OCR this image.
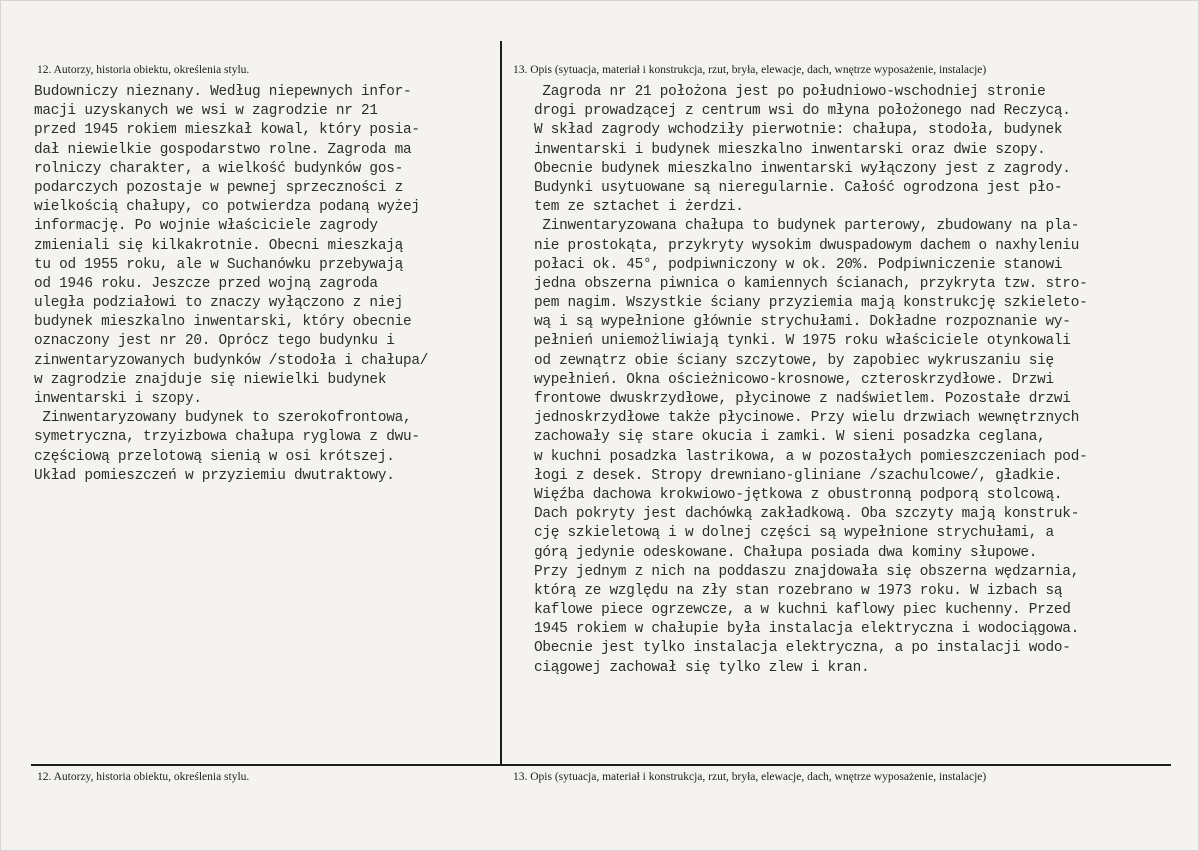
12. Autorzy, historia obiektu, określenia stylu.	13. Opis (sytuacja, materiał i konstrukcja, rzut, bryła, elewacje, dach, wnętrze wyposażenie, instalacje)
Budowniczy nieznany. Według niepewnych infor-
macji uzyskanych we wsi w zagrodzie nr 21
przed 1945 rokiem mieszkał kowal, który posia-
dał niewielkie gospodarstwo rolne. Zagroda ma
rolniczy charakter, a wielkość budynków gos-
podarczych pozostaje w pewnej sprzeczności z
wielkością chałupy, co potwierdza podaną wyżej
informację. Po wojnie właściciele zagrody
zmieniali się kilkakrotnie. Obecni mieszkają
tu od 1955 roku, ale w Suchanówku przebywają
od 1946 roku. Jeszcze przed wojną zagroda
uległa podziałowi to znaczy wyłączono z niej
budynek mieszkalno inwentarski, który obecnie
oznaczony jest nr 20. Oprócz tego budynku i
zinwentaryzowanych budynków /stodoła i chałupa/
w zagrodzie znajduje się niewielki budynek
inwentarski i szopy.
Zinwentaryzowany budynek to szerokofrontowa,
symetryczna, trzyizbowa chałupa ryglowa z dwu-
częściową przelotową sienią w osi krótszej.
Układ pomieszczeń w przyziemiu dwutraktowy.
Zagroda nr 21 położona jest po południowo-wschodniej stronie
drogi prowadzącej z centrum wsi do młyna położonego nad Reczycą.
W skład zagrody wchodziły pierwotnie: chałupa, stodoła, budynek
inwentarski i budynek mieszkalno inwentarski oraz dwie szopy.
Obecnie budynek mieszkalno inwentarski wyłączony jest z zagrody.
Budynki usytuowane są nieregularnie. Całość ogrodzona jest pło-
tem ze sztachet i żerdzi.
Zinwentaryzowana chałupa to budynek parterowy, zbudowany na pla-
nie prostokąta, przykryty wysokim dwuspadowym dachem o naxhyleniu
połaci ok. 45°, podpiwniczony w ok. 20%. Podpiwniczenie stanowi
jedna obszerna piwnica o kamiennych ścianach, przykryta tzw. stro-
pem nagim. Wszystkie ściany przyziemia mają konstrukcję szkieleto-
wą i są wypełnione głównie strychułami. Dokładne rozpoznanie wy-
pełnień uniemożliwiają tynki. W 1975 roku właściciele otynkowali
od zewnątrz obie ściany szczytowe, by zapobiec wykruszaniu się
wypełnień. Okna ościeżnicowo-krosnowe, czteroskrzydłowe. Drzwi
frontowe dwuskrzydłowe, płycinowe z nadświetlem. Pozostałe drzwi
jednoskrzydłowe także płycinowe. Przy wielu drzwiach wewnętrznych
zachowały się stare okucia i zamki. W sieni posadzka ceglana,
w kuchni posadzka lastrikowa, a w pozostałych pomieszczeniach pod-
łogi z desek. Stropy drewniano-gliniane /szachulcowe/, gładkie.
Więźba dachowa krokwiowo-jętkowa z obustronną podporą stolcową.
Dach pokryty jest dachówką zakładkową. Oba szczyty mają konstruk-
cję szkieletową i w dolnej części są wypełnione strychułami, a
górą jedynie odeskowane. Chałupa posiada dwa kominy słupowe.
Przy jednym z nich na poddaszu znajdowała się obszerna wędzarnia,
którą ze względu na zły stan rozebrano w 1973 roku. W izbach są
kaflowe piece ogrzewcze, a w kuchni kaflowy piec kuchenny. Przed
1945 rokiem w chałupie była instalacja elektryczna i wodociągowa.
Obecnie jest tylko instalacja elektryczna, a po instalacji wodo-
ciągowej zachował się tylko zlew i kran.
12. Autorzy, historia obiektu, określenia stylu.	13. Opis (sytuacja, materiał i konstrukcja, rzut, bryła, elewacje, dach, wnętrze wyposażenie, instalacje)
